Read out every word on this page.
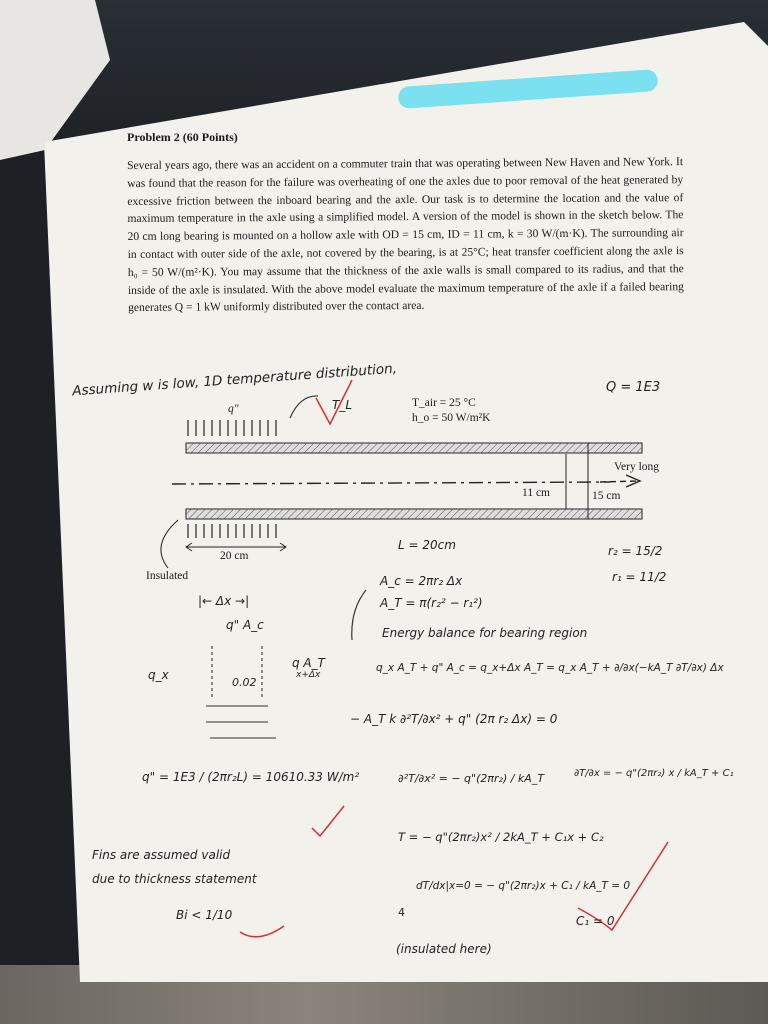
Problem 2 (60 Points)
Several years ago, there was an accident on a commuter train that was operating between New Haven and New York. It was found that the reason for the failure was overheating of one the axles due to poor removal of the heat generated by excessive friction between the inboard bearing and the axle. Our task is to determine the location and the value of maximum temperature in the axle using a simplified model. A version of the model is shown in the sketch below. The 20 cm long bearing is mounted on a hollow axle with OD = 15 cm, ID = 11 cm, k = 30 W/(m·K). The surrounding air in contact with outer side of the axle, not covered by the bearing, is at 25°C; heat transfer coefficient along the axle is h₀ = 50 W/(m²·K). You may assume that the thickness of the axle walls is small compared to its radius, and that the inside of the axle is insulated. With the above model evaluate the maximum temperature of the axle if a failed bearing generates Q = 1 kW uniformly distributed over the contact area.
q"	T_air = 25 °C
h_o = 50 W/m²K
Very long
11 cm	15 cm
20 cm
Insulated
Assuming w is low, 1D temperature distribution,
T_L
Q = 1E3
L = 20cm	r₂ = 15/2
r₁ = 11/2
A_c = 2πr₂ Δx
A_T = π(r₂² − r₁²)
Energy balance for bearing region
|← Δx →|
q" A_c
q_x
q A_T
x+Δx
0.02
q_x A_T + q" A_c = q_x+Δx A_T = q_x A_T + ∂/∂x(−kA_T ∂T/∂x) Δx
− A_T k ∂²T/∂x² + q" (2π r₂ Δx) = 0
q" = 1E3 / (2πr₂L) = 10610.33 W/m²	∂²T/∂x² = − q"(2πr₂) / kA_T	∂T/∂x = − q"(2πr₂) x / kA_T + C₁
T = − q"(2πr₂)x² / 2kA_T + C₁x + C₂
Fins are assumed valid
due to thickness statement
Bi < 1/10	4
dT/dx|x=0 = − q"(2πr₂)x + C₁ / kA_T = 0
C₁ = 0
(insulated here)
